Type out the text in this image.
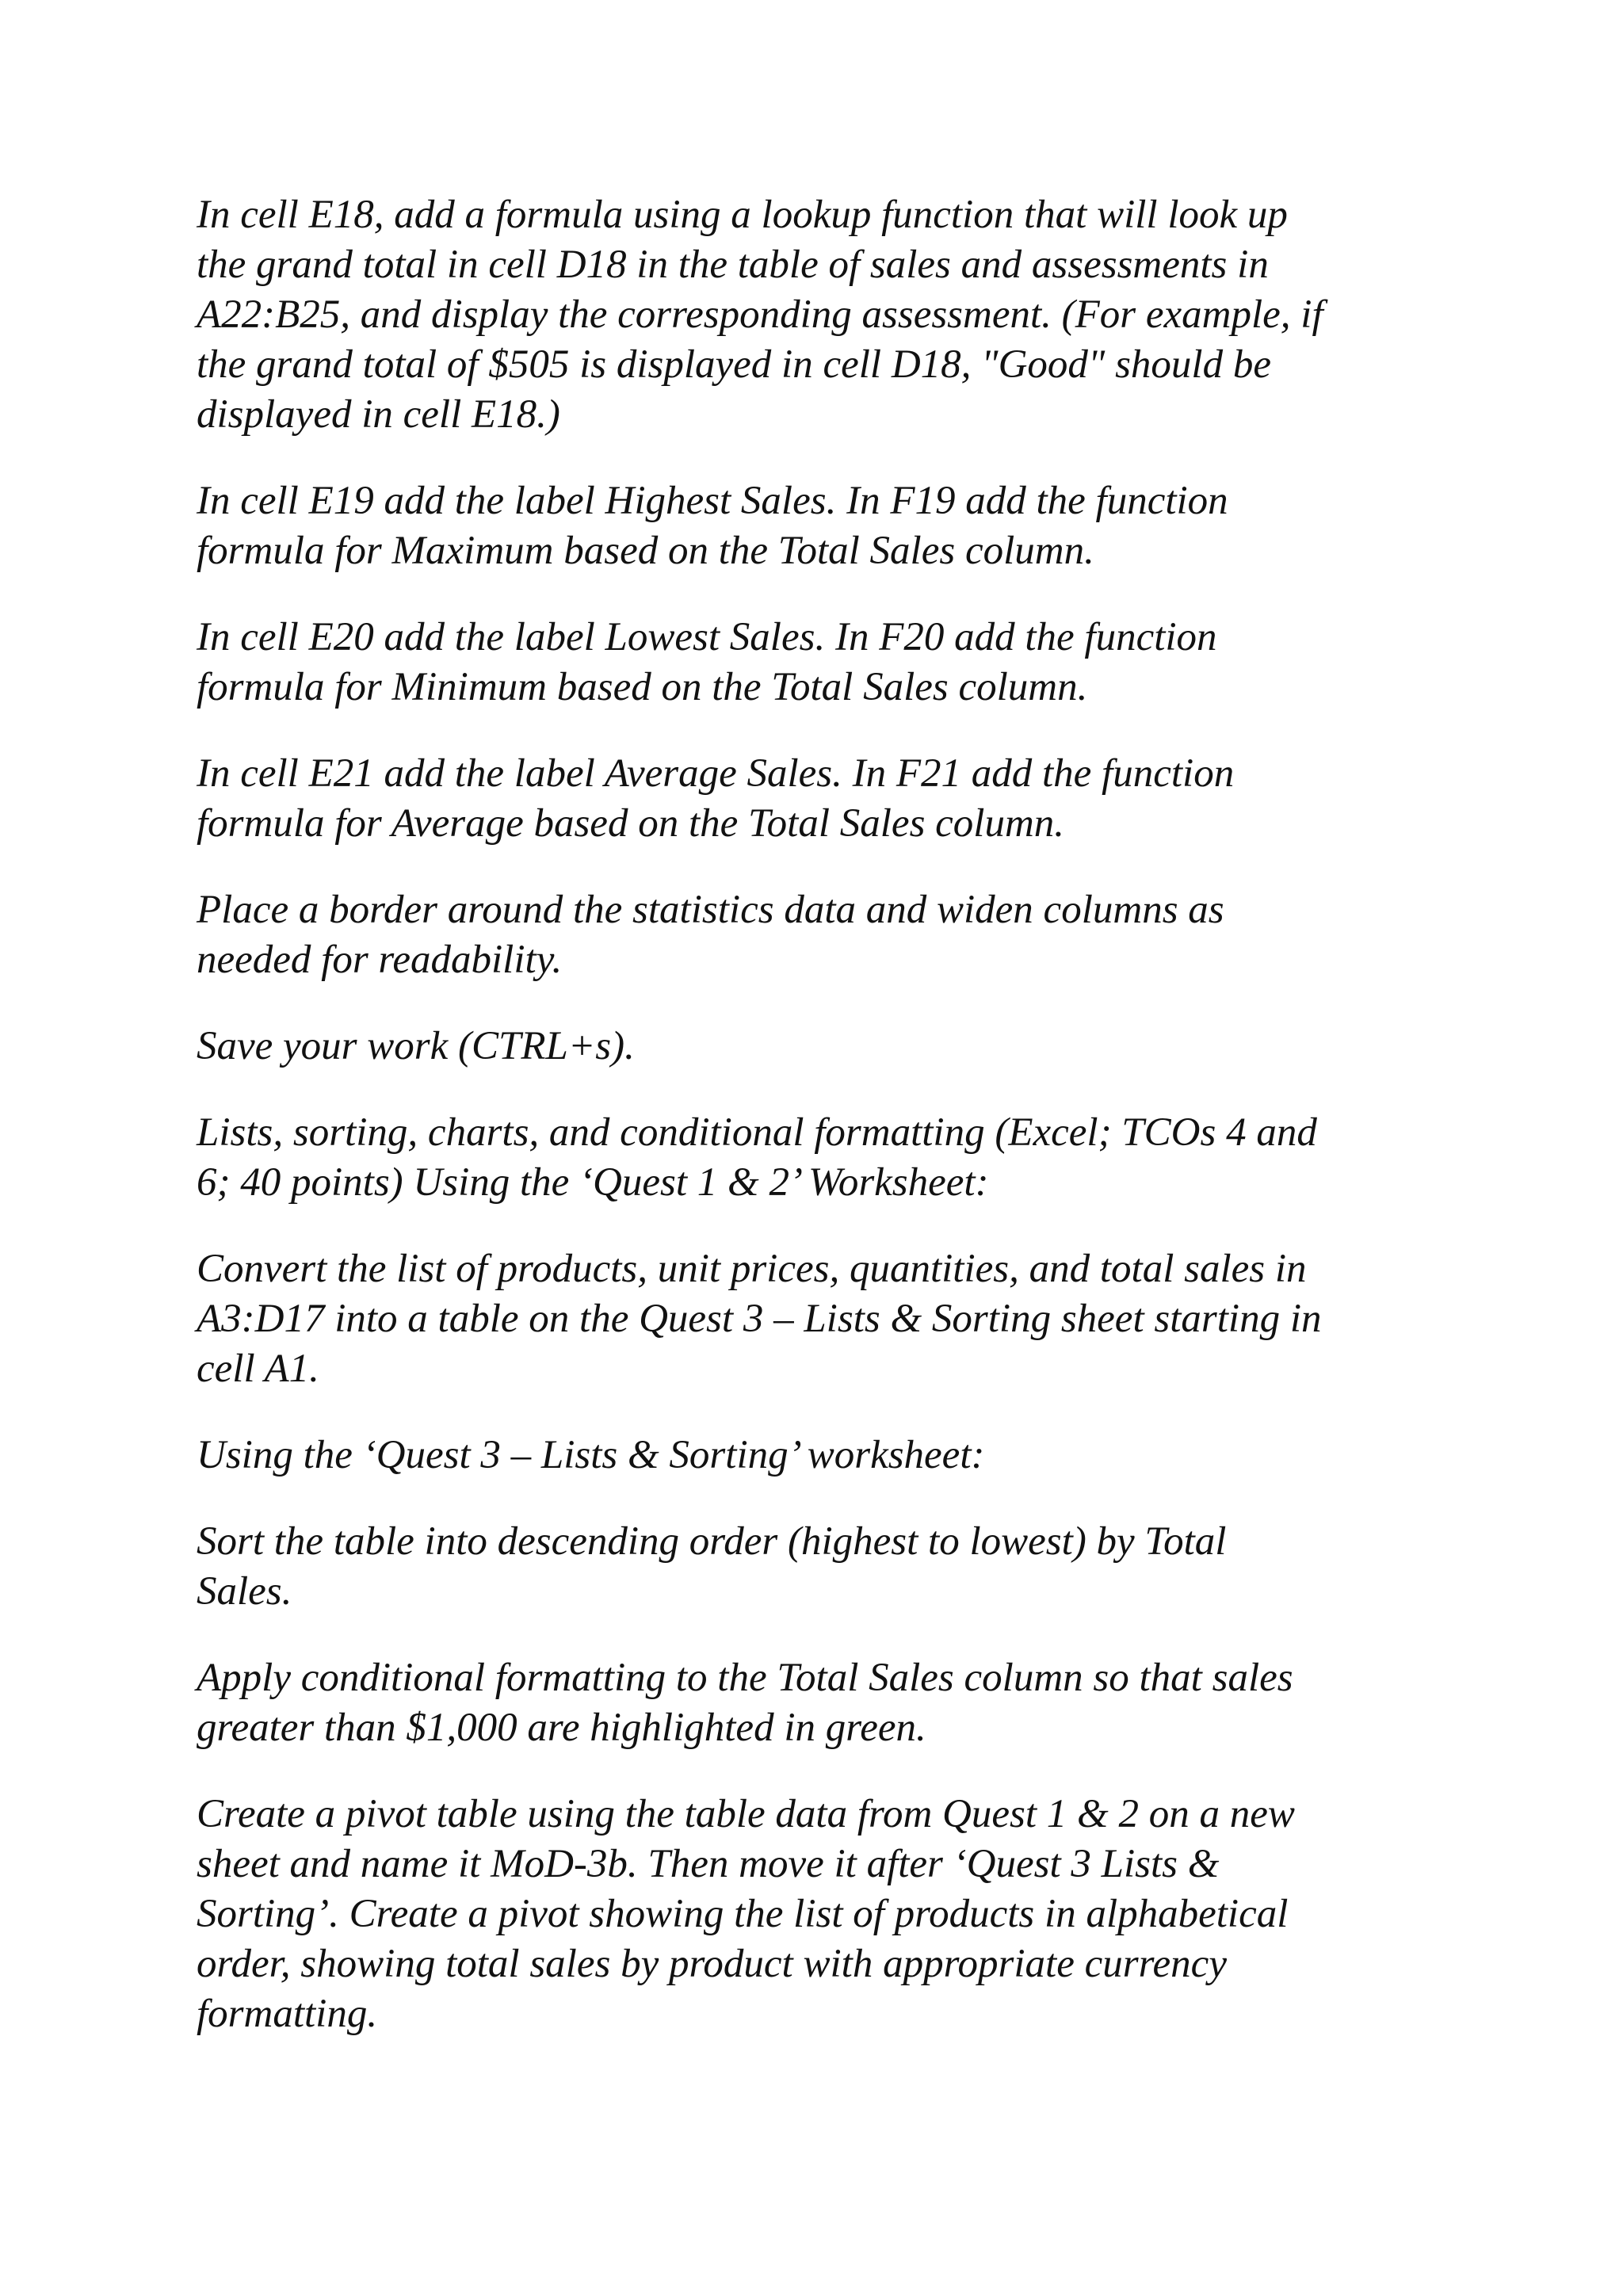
In cell E18, add a formula using a lookup function that will look up
the grand total in cell D18 in the table of sales and assessments in
A22:B25, and display the corresponding assessment. (For example, if
the grand total of $505 is displayed in cell D18, "Good" should be
displayed in cell E18.)

In cell E19 add the label Highest Sales. In F19 add the function
formula for Maximum based on the Total Sales column.

In cell E20 add the label Lowest Sales. In F20 add the function
formula for Minimum based on the Total Sales column.

In cell E21 add the label Average Sales. In F21 add the function
formula for Average based on the Total Sales column.

Place a border around the statistics data and widen columns as
needed for readability.

Save your work (CTRL+s).

Lists, sorting, charts, and conditional formatting (Excel; TCOs 4 and
6; 40 points) Using the ‘Quest 1 & 2’ Worksheet:

Convert the list of products, unit prices, quantities, and total sales in
A3:D17 into a table on the Quest 3 – Lists & Sorting sheet starting in
cell A1.

Using the ‘Quest 3 – Lists & Sorting’ worksheet:

Sort the table into descending order (highest to lowest) by Total
Sales.

Apply conditional formatting to the Total Sales column so that sales
greater than $1,000 are highlighted in green.

Create a pivot table using the table data from Quest 1 & 2 on a new
sheet and name it MoD-3b. Then move it after ‘Quest 3 Lists &
Sorting’. Create a pivot showing the list of products in alphabetical
order, showing total sales by product with appropriate currency
formatting.
